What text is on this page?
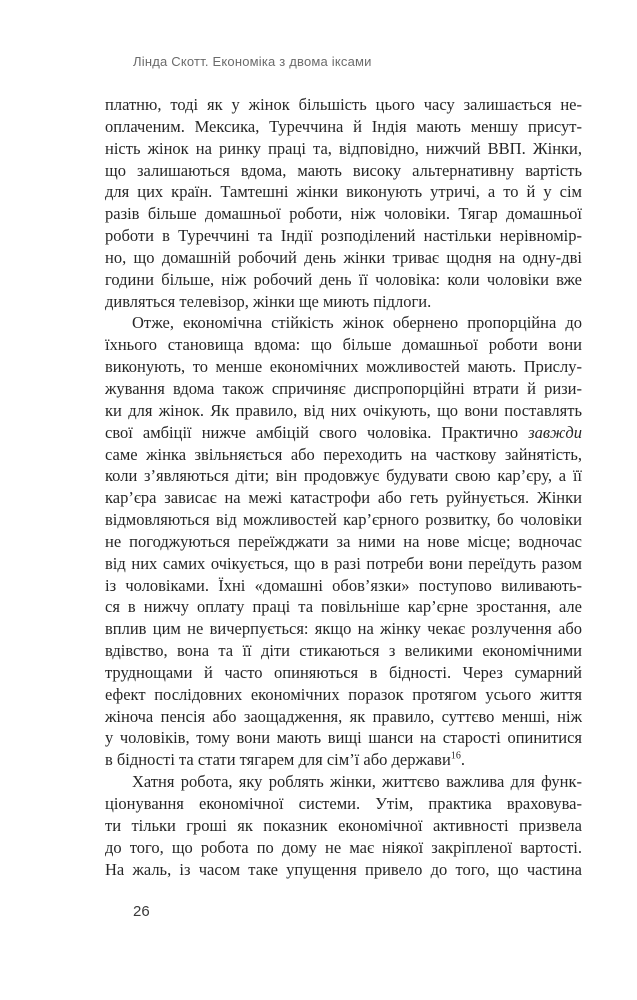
Лінда Скотт. Економіка з двома іксами
платню, тоді як у жінок більшість цього часу залишається не-
оплаченим. Мексика, Туреччина й Індія мають меншу присут-
ність жінок на ринку праці та, відповідно, нижчий ВВП. Жінки,
що залишаються вдома, мають високу альтернативну вартість
для цих країн. Тамтешні жінки виконують утричі, а то й у сім
разів більше домашньої роботи, ніж чоловіки. Тягар домашньої
роботи в Туреччині та Індії розподілений настільки нерівномір-
но, що домашній робочий день жінки триває щодня на одну-дві
години більше, ніж робочий день її чоловіка: коли чоловіки вже
дивляться телевізор, жінки ще миють підлоги.
Отже, економічна стійкість жінок обернено пропорційна до
їхнього становища вдома: що більше домашньої роботи вони
виконують, то менше економічних можливостей мають. Прислу-
жування вдома також спричиняє диспропорційні втрати й ризи-
ки для жінок. Як правило, від них очікують, що вони поставлять
свої амбіції нижче амбіцій свого чоловіка. Практично завжди
саме жінка звільняється або переходить на часткову зайнятість,
коли з’являються діти; він продовжує будувати свою кар’єру, а її
кар’єра зависає на межі катастрофи або геть руйнується. Жінки
відмовляються від можливостей кар’єрного розвитку, бо чоловіки
не погоджуються переїжджати за ними на нове місце; водночас
від них самих очікується, що в разі потреби вони переїдуть разом
із чоловіками. Їхні «домашні обов’язки» поступово виливають-
ся в нижчу оплату праці та повільніше кар’єрне зростання, але
вплив цим не вичерпується: якщо на жінку чекає розлучення або
вдівство, вона та її діти стикаються з великими економічними
труднощами й часто опиняються в бідності. Через сумарний
ефект послідовних економічних поразок протягом усього життя
жіноча пенсія або заощадження, як правило, суттєво менші, ніж
у чоловіків, тому вони мають вищі шанси на старості опинитися
в бідності та стати тягарем для сім’ї або держави$^{16}$.
Хатня робота, яку роблять жінки, життєво важлива для функ-
ціонування економічної системи. Утім, практика враховува-
ти тільки гроші як показник економічної активності призвела
до того, що робота по дому не має ніякої закріпленої вартості.
На жаль, із часом таке упущення привело до того, що частина
26
